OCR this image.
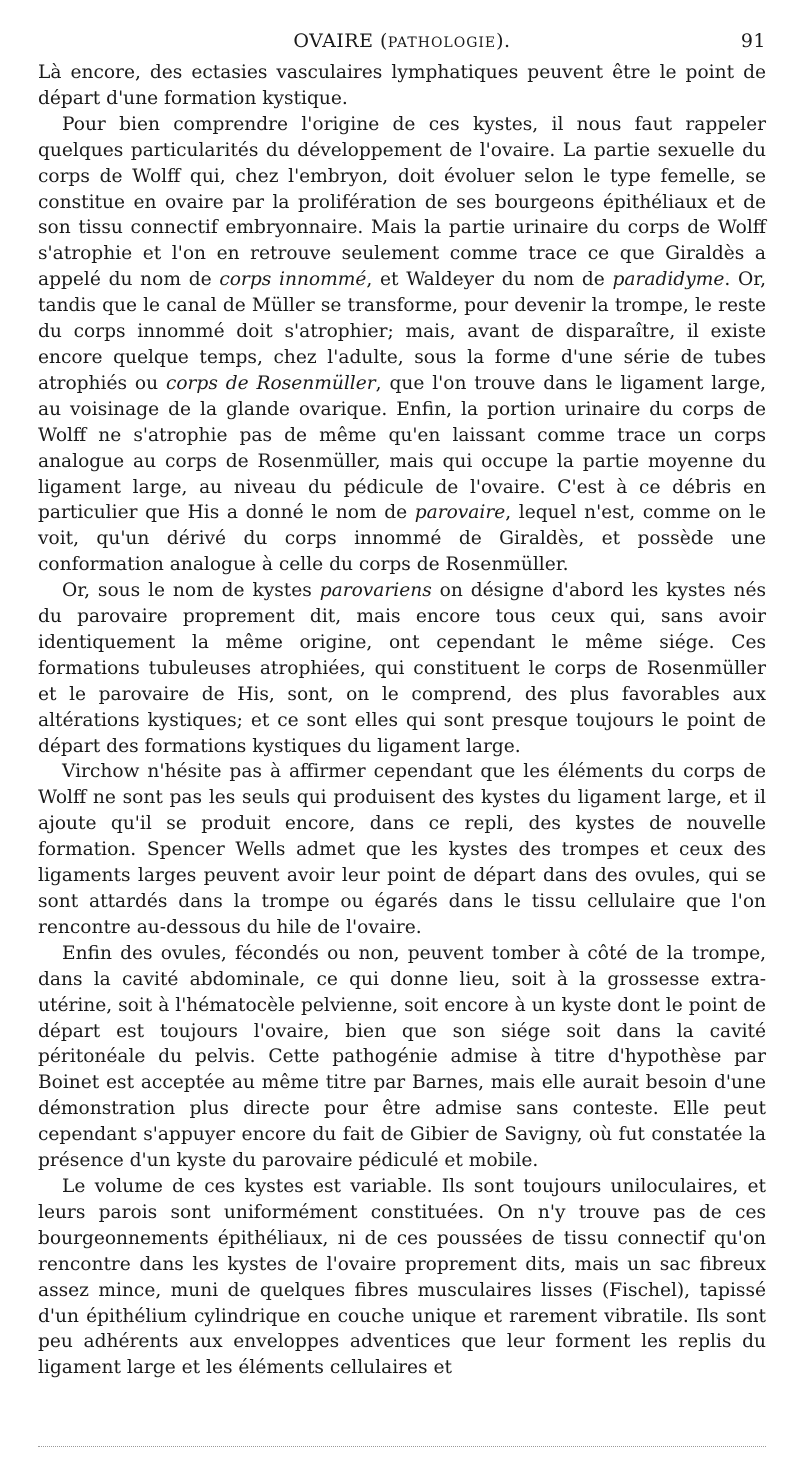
OVAIRE (PATHOLOGIE).	91

Là encore, des ectasies vasculaires lymphatiques peuvent être le point de départ d'une formation kystique.

Pour bien comprendre l'origine de ces kystes, il nous faut rappeler quelques particularités du développement de l'ovaire. La partie sexuelle du corps de Wolff qui, chez l'embryon, doit évoluer selon le type femelle, se constitue en ovaire par la prolifération de ses bourgeons épithéliaux et de son tissu connectif embryonnaire. Mais la partie urinaire du corps de Wolff s'atrophie et l'on en retrouve seulement comme trace ce que Giraldès a appelé du nom de corps innommé, et Waldeyer du nom de paradidyme. Or, tandis que le canal de Müller se transforme, pour devenir la trompe, le reste du corps innommé doit s'atrophier; mais, avant de disparaître, il existe encore quelque temps, chez l'adulte, sous la forme d'une série de tubes atrophiés ou corps de Rosenmüller, que l'on trouve dans le ligament large, au voisinage de la glande ovarique. Enfin, la portion urinaire du corps de Wolff ne s'atrophie pas de même qu'en laissant comme trace un corps analogue au corps de Rosenmüller, mais qui occupe la partie moyenne du ligament large, au niveau du pédicule de l'ovaire. C'est à ce débris en particulier que His a donné le nom de parovaire, lequel n'est, comme on le voit, qu'un dérivé du corps innommé de Giraldès, et possède une conformation analogue à celle du corps de Rosenmüller.

Or, sous le nom de kystes parovariens on désigne d'abord les kystes nés du parovaire proprement dit, mais encore tous ceux qui, sans avoir identiquement la même origine, ont cependant le même siége. Ces formations tubuleuses atrophiées, qui constituent le corps de Rosenmüller et le parovaire de His, sont, on le comprend, des plus favorables aux altérations kystiques; et ce sont elles qui sont presque toujours le point de départ des formations kystiques du ligament large.

Virchow n'hésite pas à affirmer cependant que les éléments du corps de Wolff ne sont pas les seuls qui produisent des kystes du ligament large, et il ajoute qu'il se produit encore, dans ce repli, des kystes de nouvelle formation. Spencer Wells admet que les kystes des trompes et ceux des ligaments larges peuvent avoir leur point de départ dans des ovules, qui se sont attardés dans la trompe ou égarés dans le tissu cellulaire que l'on rencontre au-dessous du hile de l'ovaire.

Enfin des ovules, fécondés ou non, peuvent tomber à côté de la trompe, dans la cavité abdominale, ce qui donne lieu, soit à la grossesse extra-utérine, soit à l'hématocèle pelvienne, soit encore à un kyste dont le point de départ est toujours l'ovaire, bien que son siége soit dans la cavité péritonéale du pelvis. Cette pathogénie admise à titre d'hypothèse par Boinet est acceptée au même titre par Barnes, mais elle aurait besoin d'une démonstration plus directe pour être admise sans conteste. Elle peut cependant s'appuyer encore du fait de Gibier de Savigny, où fut constatée la présence d'un kyste du parovaire pédiculé et mobile.

Le volume de ces kystes est variable. Ils sont toujours uniloculaires, et leurs parois sont uniformément constituées. On n'y trouve pas de ces bourgeonnements épithéliaux, ni de ces poussées de tissu connectif qu'on rencontre dans les kystes de l'ovaire proprement dits, mais un sac fibreux assez mince, muni de quelques fibres musculaires lisses (Fischel), tapissé d'un épithélium cylindrique en couche unique et rarement vibratile. Ils sont peu adhérents aux enveloppes adventices que leur forment les replis du ligament large et les éléments cellulaires et
